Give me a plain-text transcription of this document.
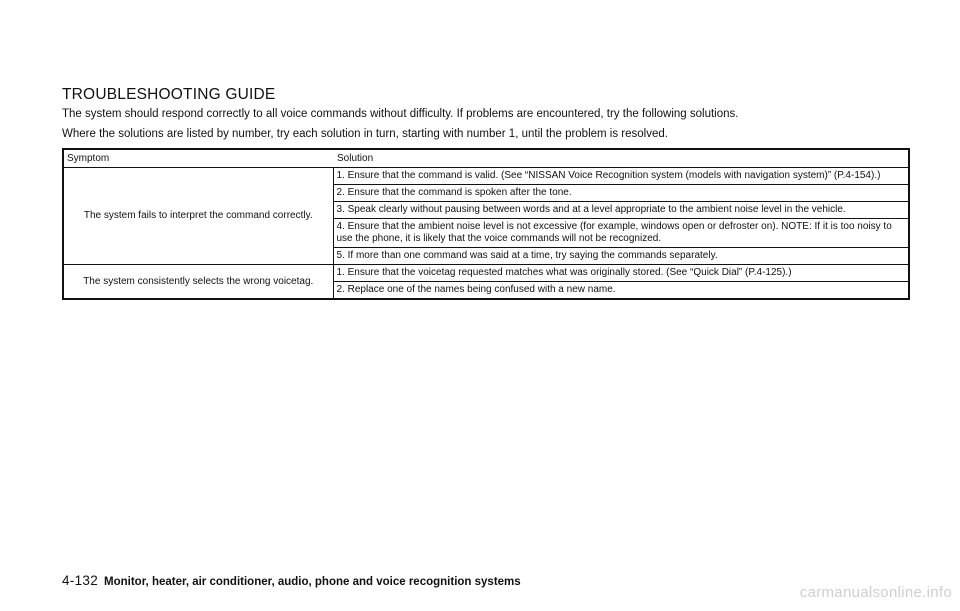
TROUBLESHOOTING GUIDE

The system should respond correctly to all voice commands without difficulty. If problems are encountered, try the following solutions.

Where the solutions are listed by number, try each solution in turn, starting with number 1, until the problem is resolved.

Symptom	Solution
The system fails to interpret the command correctly.	1. Ensure that the command is valid. (See “NISSAN Voice Recognition system (models with navigation system)” (P.4-154).)
	2. Ensure that the command is spoken after the tone.
	3. Speak clearly without pausing between words and at a level appropriate to the ambient noise level in the vehicle.
	4. Ensure that the ambient noise level is not excessive (for example, windows open or defroster on). NOTE: If it is too noisy to use the phone, it is likely that the voice commands will not be recognized.
	5. If more than one command was said at a time, try saying the commands separately.
The system consistently selects the wrong voicetag.	1. Ensure that the voicetag requested matches what was originally stored. (See “Quick Dial” (P.4-125).)
	2. Replace one of the names being confused with a new name.
4-132 Monitor, heater, air conditioner, audio, phone and voice recognition systems
carmanualsonline.info
